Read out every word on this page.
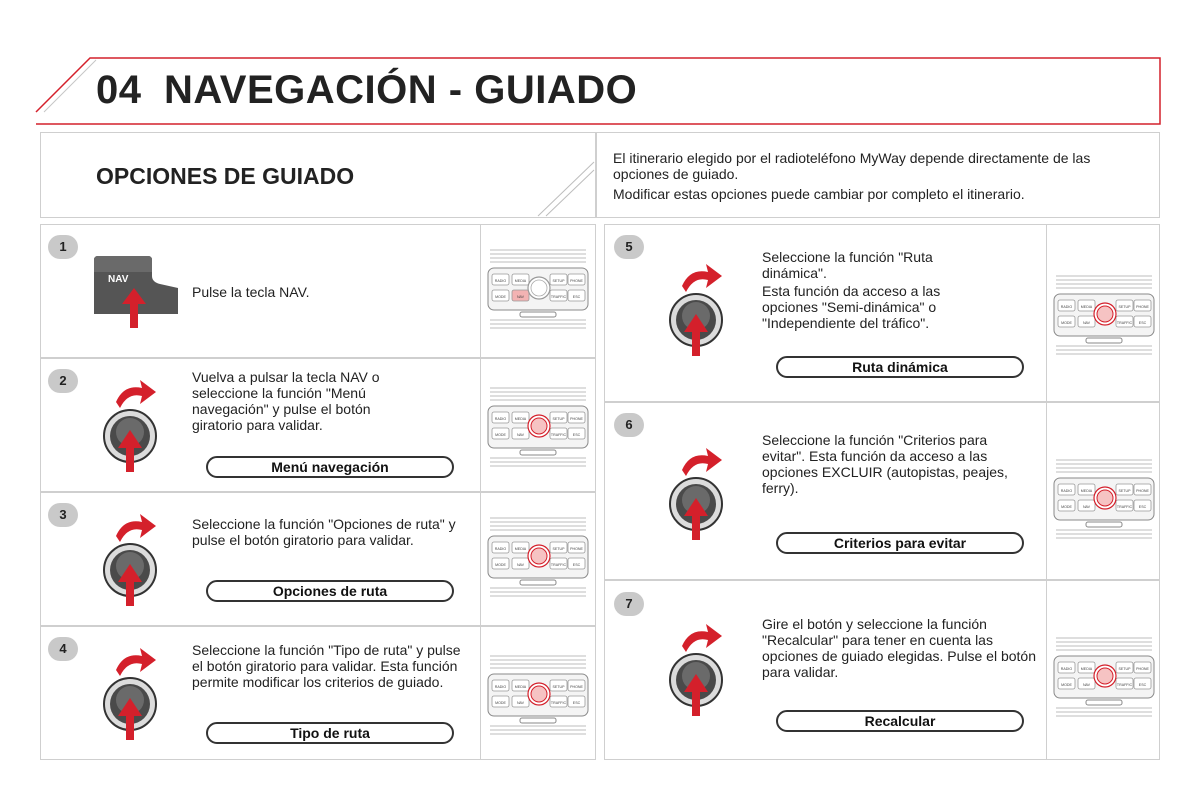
04 NAVEGACIÓN - GUIADO
OPCIONES DE GUIADO

El itinerario elegido por el radioteléfono MyWay depende directamente de las opciones de guiado.

Modificar estas opciones puede cambiar por completo el itinerario.

1
2
3
4
5
6
7
NAV

Pulse la tecla NAV.

Vuelva a pulsar la tecla NAV o seleccione la función "Menú navegación" y pulse el botón giratorio para validar.

Seleccione la función "Opciones de ruta" y pulse el botón giratorio para validar.

Seleccione la función "Tipo de ruta" y pulse el botón giratorio para validar. Esta función permite modificar los criterios de guiado.

Seleccione la función "Ruta dinámica".

Esta función da acceso a las opciones "Semi-dinámica" o "Independiente del tráfico".

Seleccione la función "Criterios para evitar". Esta función da acceso a las opciones EXCLUIR (autopistas, peajes, ferry).

Gire el botón y seleccione la función "Recalcular" para tener en cuenta las opciones de guiado elegidas. Pulse el botón para validar.

Menú navegación
Opciones de ruta
Tipo de ruta
Ruta dinámica
Criterios para evitar
Recalcular
RADIO
MODE
MEDIA
NAV
SETUP
TRAFFIC
PHONE
ESC
RADIO
MODE
MEDIA
NAV
SETUP
TRAFFIC
PHONE
ESC
RADIO
MODE
MEDIA
NAV
SETUP
TRAFFIC
PHONE
ESC
RADIO
MODE
MEDIA
NAV
SETUP
TRAFFIC
PHONE
ESC
RADIO
MODE
MEDIA
NAV
SETUP
TRAFFIC
PHONE
ESC
RADIO
MODE
MEDIA
NAV
SETUP
TRAFFIC
PHONE
ESC
RADIO
MODE
MEDIA
NAV
SETUP
TRAFFIC
PHONE
ESC
